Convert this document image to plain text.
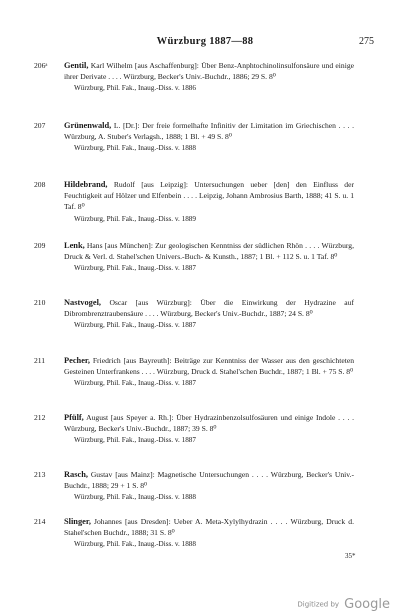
Würzburg 1887—88	275
206ᵃ	Gentil, Karl Wilhelm [aus Aschaffenburg]: Über Benz-Anphtochinolinsulfonsäure und einige ihrer Derivate . . . . Würzburg, Becker's Univ.-Buchdr., 1886; 29 S. 8⁰
Würzburg, Phil. Fak., Inaug.-Diss. v. 1886
207	Grünenwald, L. [Dr.]: Der freie formelhafte Infinitiv der Limitation im Griechischen . . . . Würzburg, A. Stuber's Verlagsh., 1888; 1 Bl. + 49 S. 8⁰
Würzburg, Phil. Fak., Inaug.-Diss. v. 1888
208	Hildebrand, Rudolf [aus Leipzig]: Untersuchungen ueber [den] den Einfluss der Feuchtigkeit auf Hölzer und Elfenbein . . . . Leipzig, Johann Ambrosius Barth, 1888; 41 S. u. 1 Taf. 8⁰
Würzburg, Phil. Fak., Inaug.-Diss. v. 1889
209	Lenk, Hans [aus München]: Zur geologischen Kenntniss der südlichen Rhön . . . . Würzburg, Druck & Verl. d. Stahel'schen Univers.-Buch- & Kunsth., 1887; 1 Bl. + 112 S. u. 1 Taf. 8⁰
Würzburg, Phil. Fak., Inaug.-Diss. v. 1887
210	Nastvogel, Oscar [aus Würzburg]: Über die Einwirkung der Hydrazine auf Dibrombrenztraubensäure . . . . Würzburg, Becker's Univ.-Buchdr., 1887; 24 S. 8⁰
Würzburg, Phil. Fak., Inaug.-Diss. v. 1887
211	Pecher, Friedrich [aus Bayreuth]: Beiträge zur Kenntniss der Wasser aus den geschichteten Gesteinen Unterfrankens . . . . Würzburg, Druck d. Stahel'schen Buchdr., 1887; 1 Bl. + 75 S. 8⁰
Würzburg, Phil. Fak., Inaug.-Diss. v. 1887
212	Pfülf, August [aus Speyer a. Rh.]: Über Hydrazinbenzolsulfosäuren und einige Indole . . . . Würzburg, Becker's Univ.-Buchdr., 1887; 39 S. 8⁰
Würzburg, Phil. Fak., Inaug.-Diss. v. 1887
213	Rasch, Gustav [aus Mainz]: Magnetische Untersuchungen . . . . Würzburg, Becker's Univ.-Buchdr., 1888; 29 + 1 S. 8⁰
Würzburg, Phil. Fak., Inaug.-Diss. v. 1888
214	Slinger, Johannes [aus Dresden]: Ueber A. Meta-Xylylhydrazin . . . . Würzburg, Druck d. Stahel'schen Buchdr., 1888; 31 S. 8⁰
Würzburg, Phil. Fak., Inaug.-Diss. v. 1888
35*
Digitized by Google
